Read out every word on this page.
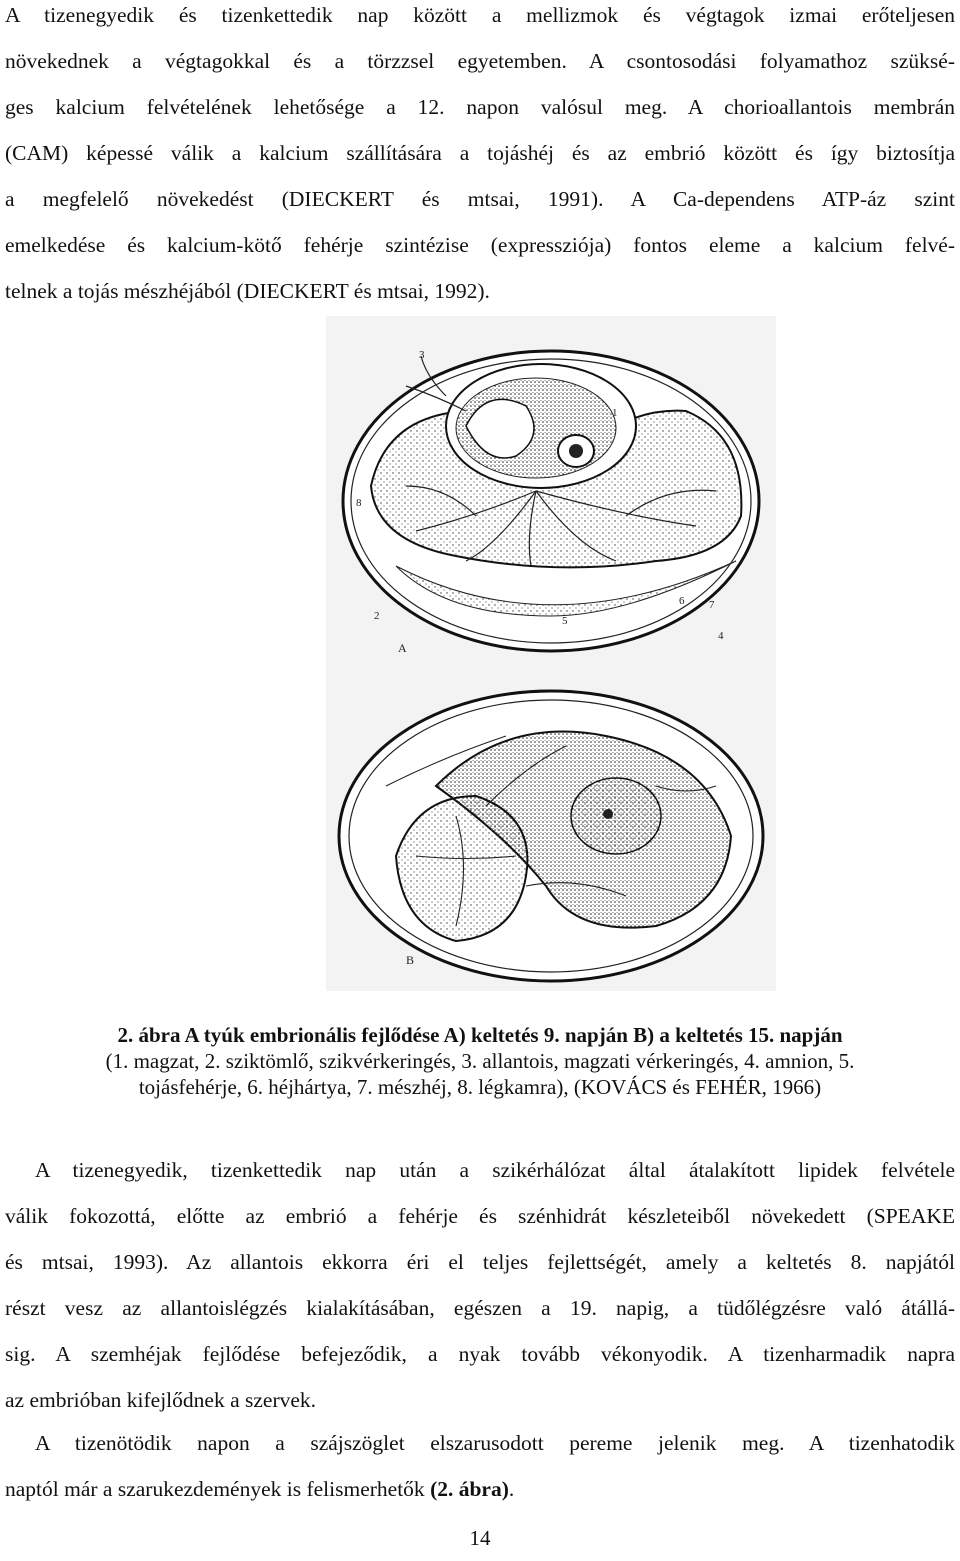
A tizenegyedik és tizenkettedik nap között a mellizmok és végtagok izmai erőteljesen
növekednek a végtagokkal és a törzzsel egyetemben. A csontosodási folyamathoz szüksé-
ges kalcium felvételének lehetősége a 12. napon valósul meg. A chorioallantois membrán
(CAM) képessé válik a kalcium szállítására a tojáshéj és az embrió között és így biztosítja
a megfelelő növekedést (DIECKERT és mtsai, 1991). A Ca-dependens ATP-áz szint
emelkedése és kalcium-kötő fehérje szintézise (expressziója) fontos eleme a kalcium felvé-
telnek a tojás mészhéjából (DIECKERT és mtsai, 1992).
3
1
8
2	5
6 7
4
A
B
2. ábra A tyúk embrionális fejlődése A) keltetés 9. napján B) a keltetés 15. napján
(1. magzat, 2. sziktömlő, szikvérkeringés, 3. allantois, magzati vérkeringés, 4. amnion, 5.
tojásfehérje, 6. héjhártya, 7. mészhéj, 8. légkamra), (KOVÁCS és FEHÉR, 1966)
A tizenegyedik, tizenkettedik nap után a szikérhálózat által átalakított lipidek felvétele
válik fokozottá, előtte az embrió a fehérje és szénhidrát készleteiből növekedett (SPEAKE
és mtsai, 1993). Az allantois ekkorra éri el teljes fejlettségét, amely a keltetés 8. napjától
részt vesz az allantoislégzés kialakításában, egészen a 19. napig, a tüdőlégzésre való átállá-
sig. A szemhéjak fejlődése befejeződik, a nyak tovább vékonyodik. A tizenharmadik napra
az embrióban kifejlődnek a szervek.
A tizenötödik napon a szájszöglet elszarusodott pereme jelenik meg. A tizenhatodik
naptól már a szarukezdemények is felismerhetők (2. ábra).
14
